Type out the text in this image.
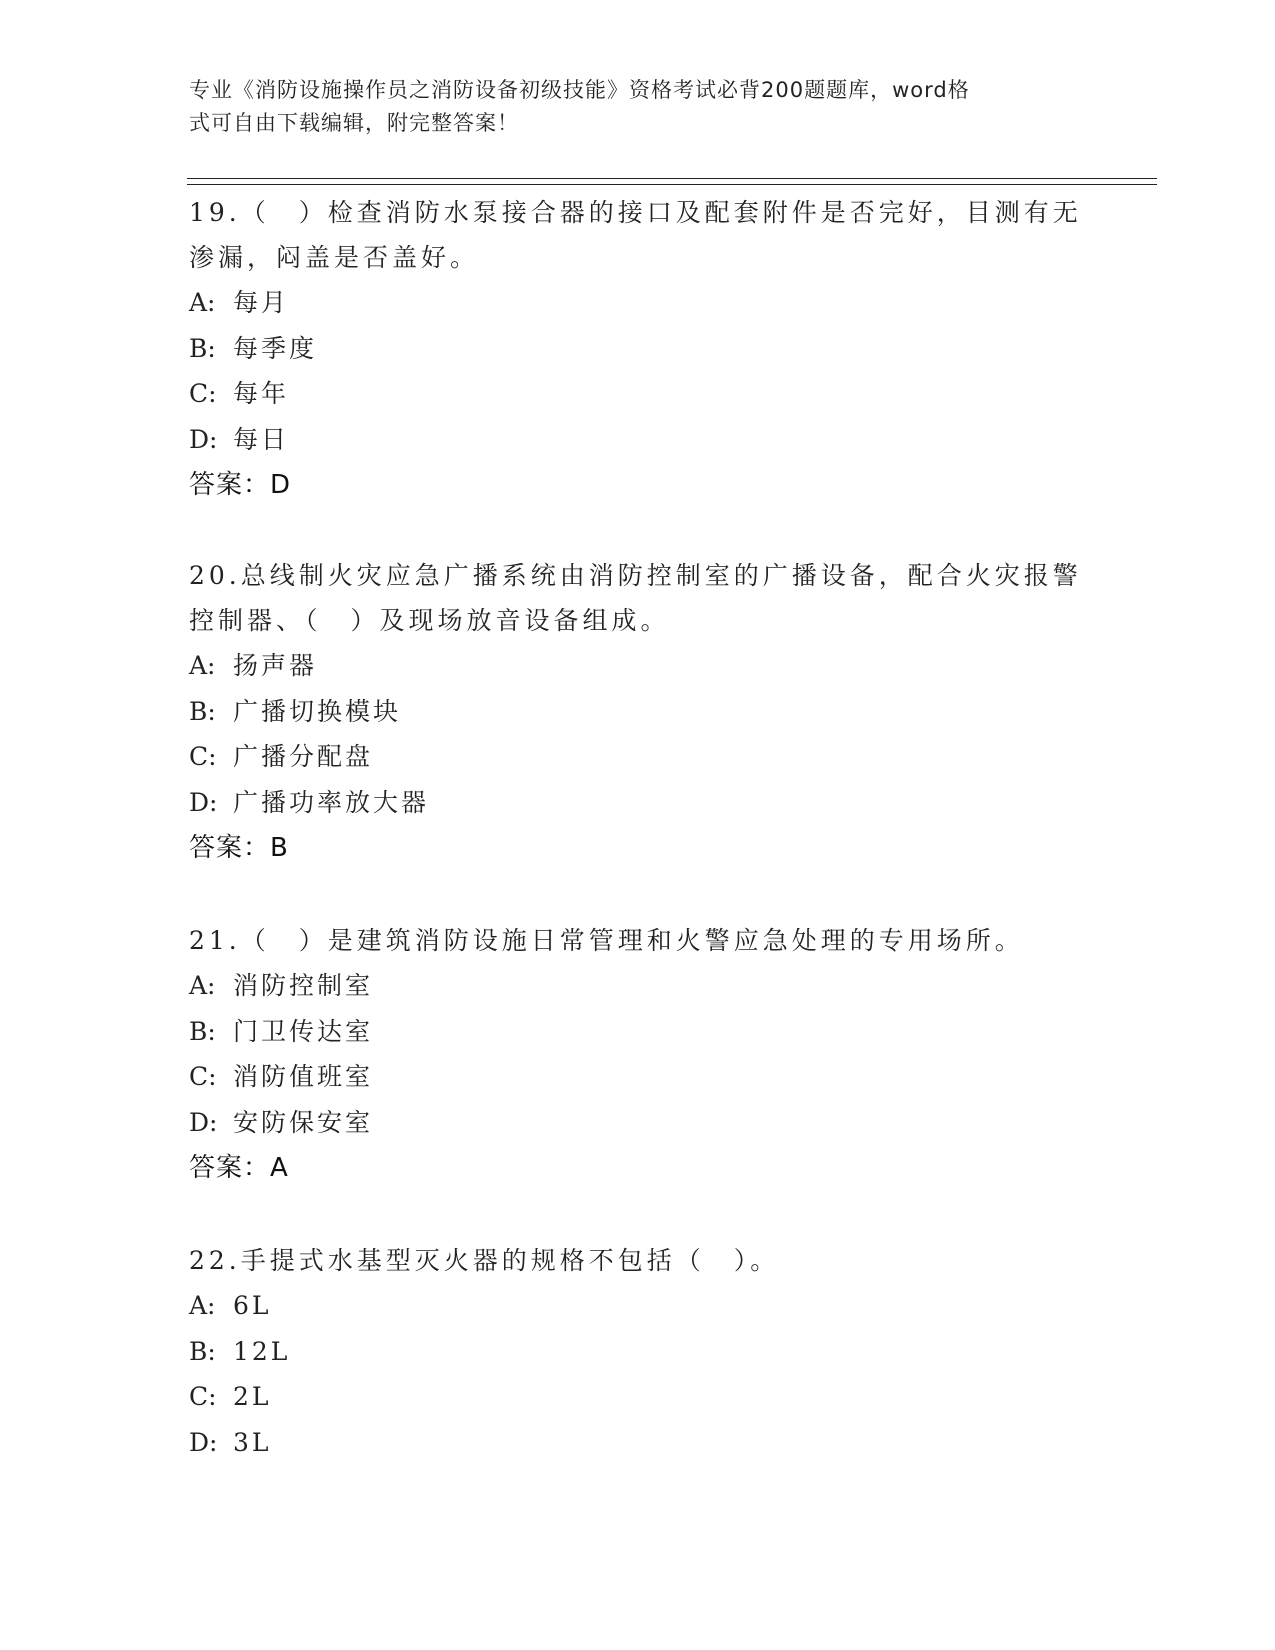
专业《消防设施操作员之消防设备初级技能》资格考试必背200题题库，word格
式可自由下载编辑，附完整答案！

19.（　）检查消防水泵接合器的接口及配套附件是否完好，目测有无渗漏，闷盖是否盖好。

A: 每月
B: 每季度
C: 每年
D: 每日
答案：D

20.总线制火灾应急广播系统由消防控制室的广播设备，配合火灾报警控制器、（　）及现场放音设备组成。

A: 扬声器
B: 广播切换模块
C: 广播分配盘
D: 广播功率放大器
答案：B

21.（　）是建筑消防设施日常管理和火警应急处理的专用场所。

A: 消防控制室
B: 门卫传达室
C: 消防值班室
D: 安防保安室
答案：A

22.手提式水基型灭火器的规格不包括（　）。

A: 6L
B: 12L
C: 2L
D: 3L
